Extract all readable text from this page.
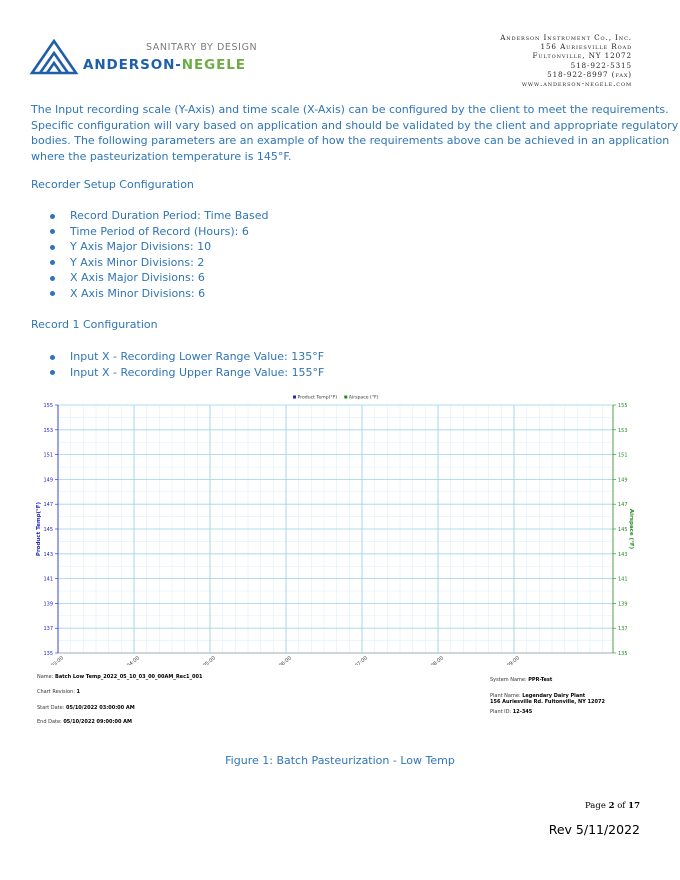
SANITARY BY DESIGN
ANDERSON-NEGELE
Anderson Instrument Co., Inc.
156 Auriesville Road
Fultonville, NY 12072
518-922-5315
518-922-8997 (fax)
www.anderson-negele.com
The Input recording scale (Y-Axis) and time scale (X-Axis) can be configured by the client to meet the requirements.
Specific configuration will vary based on application and should be validated by the client and appropriate regulatory
bodies. The following parameters are an example of how the requirements above can be achieved in an application
where the pasteurization temperature is 145°F.
Recorder Setup Configuration
Record Duration Period: Time Based
Time Period of Record (Hours): 6
Y Axis Major Divisions: 10
Y Axis Minor Divisions: 2
X Axis Major Divisions: 6
X Axis Minor Divisions: 6
Record 1 Configuration
Input X - Recording Lower Range Value: 135°F
Input X - Recording Upper Range Value: 155°F
135	135
137	137
139	139
141	141
143	143
145	145
147	147
149	149
151	151
153	153
155	155
03:00	04:00	05:00	06:00	07:00	08:00	09:00
Product Temp(°F)	Airspace (°F)
Product Temp(°F)	Airspace (°F)
Name: Batch Low Temp_2022_05_10_03_00_00AM_Rec1_001
Chart Revision: 1
Start Date: 05/10/2022 03:00:00 AM
End Date: 05/10/2022 09:00:00 AM
System Name: PPR-Test
Plant Name: Legendary Dairy Plant
156 Auriesville Rd. Fultonville, NY 12072
Plant ID: 12-345
Figure 1: Batch Pasteurization - Low Temp
Page 2 of 17
Rev 5/11/2022
